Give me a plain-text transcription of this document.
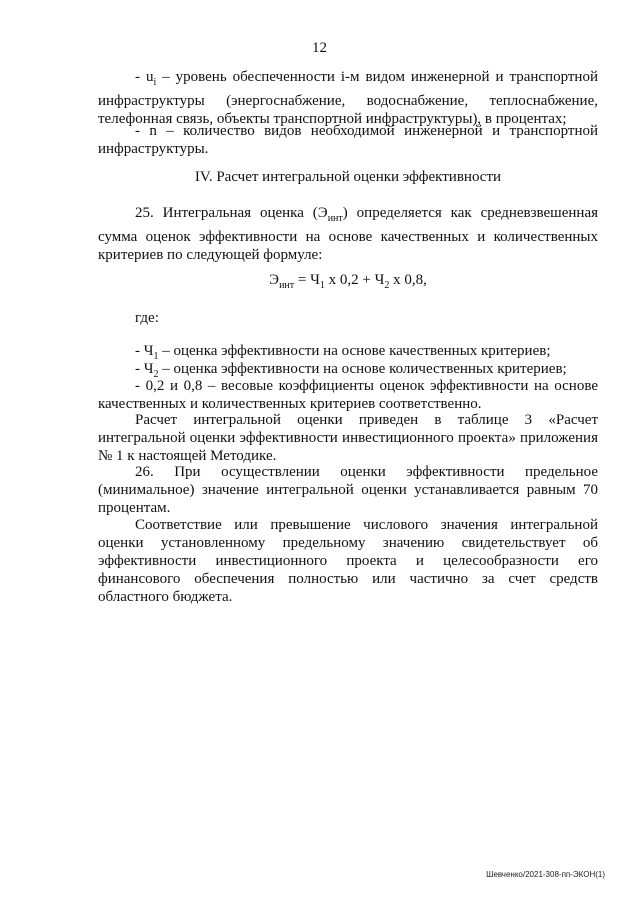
12

- $u_i$ – уровень обеспеченности i-м видом инженерной и транспортной инфраструктуры (энергоснабжение, водоснабжение, теплоснабжение, телефонная связь, объекты транспортной инфраструктуры), в процентах;

- n – количество видов необходимой инженерной и транспортной инфраструктуры.

IV. Расчет интегральной оценки эффективности

25. Интегральная оценка $(Э_{инт})$ определяется как средневзвешенная сумма оценок эффективности на основе качественных и количественных критериев по следующей формуле:

$Э_{инт} = Ч_1$ х $0,2 + Ч_2$ х 0,8,

где:

- $Ч_1$ – оценка эффективности на основе качественных критериев;

- $Ч_2$ – оценка эффективности на основе количественных критериев;

- 0,2 и 0,8 – весовые коэффициенты оценок эффективности на основе качественных и количественных критериев соответственно.

Расчет интегральной оценки приведен в таблице 3 «Расчет интегральной оценки эффективности инвестиционного проекта» приложения № 1 к настоящей Методике.

26. При осуществлении оценки эффективности предельное (минимальное) значение интегральной оценки устанавливается равным 70 процентам.

Соответствие или превышение числового значения интегральной оценки установленному предельному значению свидетельствует об эффективности инвестиционного проекта и целесообразности его финансового обеспечения полностью или частично за счет средств областного бюджета.

Шевченко/2021-308-пп-ЭКОН(1)
